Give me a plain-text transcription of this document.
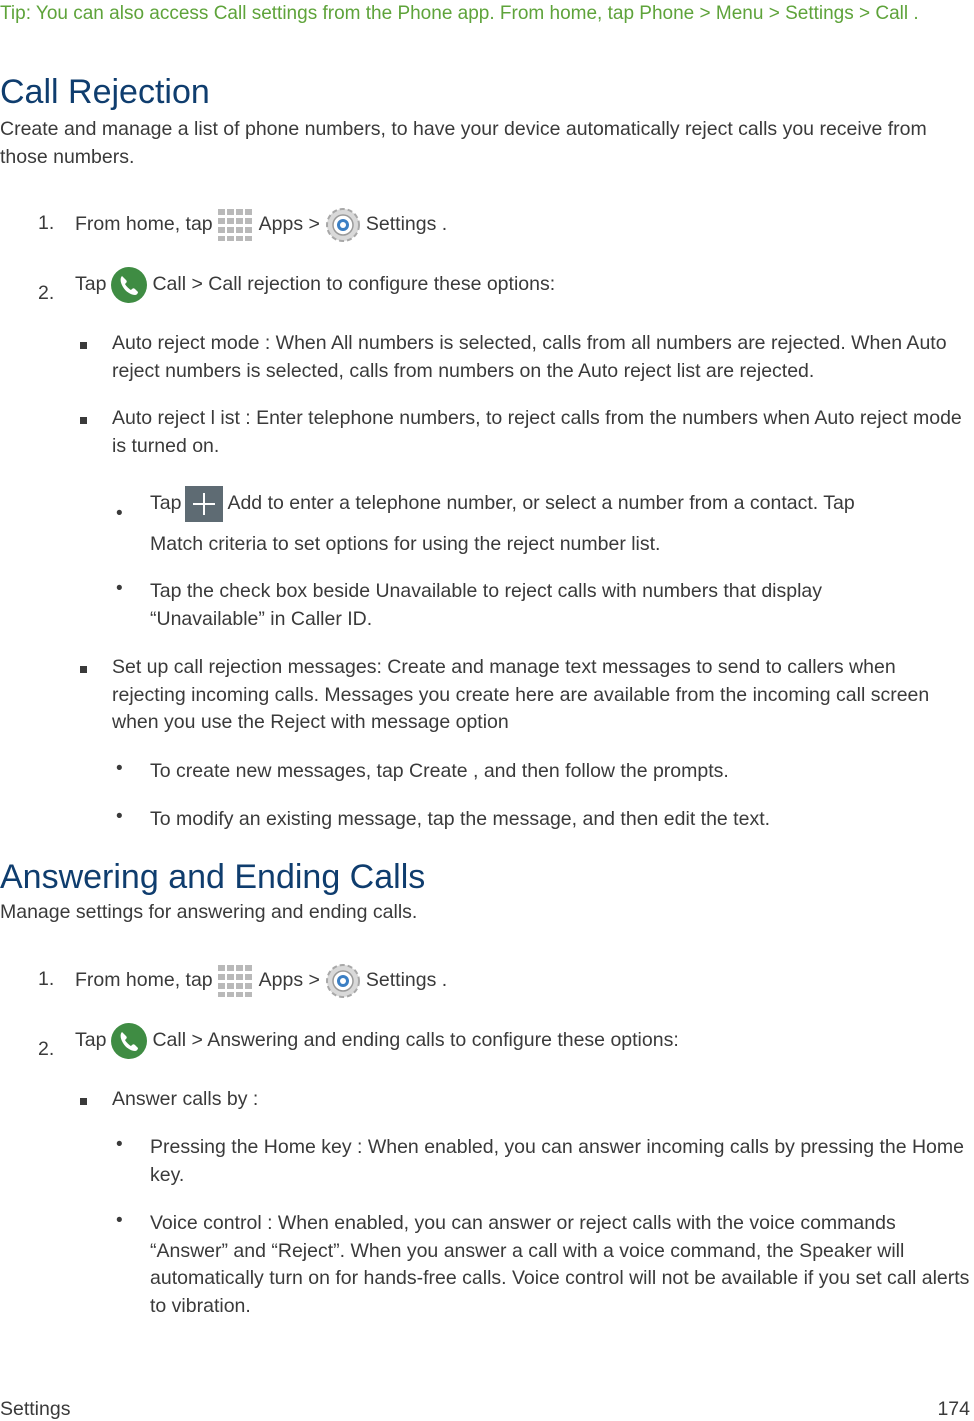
Tip: You can also access Call settings from the Phone app. From home, tap Phone > Menu > Settings > Call .
Call Rejection
Create and manage a list of phone numbers, to have your device automatically reject calls you receive from those numbers.
1. From home, tap Apps > Settings .
2. Tap Call > Call rejection to configure these options:
Auto reject mode : When All numbers is selected, calls from all numbers are rejected. When Auto reject numbers is selected, calls from numbers on the Auto reject list are rejected.
Auto reject l ist : Enter telephone numbers, to reject calls from the numbers when Auto reject mode is turned on.
• Tap Add to enter a telephone number, or select a number from a contact. Tap
Match criteria to set options for using the reject number list.
• Tap the check box beside Unavailable to reject calls with numbers that display “Unavailable” in Caller ID.
Set up call rejection messages: Create and manage text messages to send to callers when rejecting incoming calls. Messages you create here are available from the incoming call screen when you use the Reject with message option
• To create new messages, tap Create , and then follow the prompts.
• To modify an existing message, tap the message, and then edit the text.
Answering and Ending Calls
Manage settings for answering and ending calls.
1. From home, tap Apps > Settings .
2. Tap Call > Answering and ending calls to configure these options:
Answer calls by :
• Pressing the Home key : When enabled, you can answer incoming calls by pressing the Home key.
• Voice control : When enabled, you can answer or reject calls with the voice commands “Answer” and “Reject”. When you answer a call with a voice command, the Speaker will automatically turn on for hands-free calls. Voice control will not be available if you set call alerts to vibration.
Settings	174
